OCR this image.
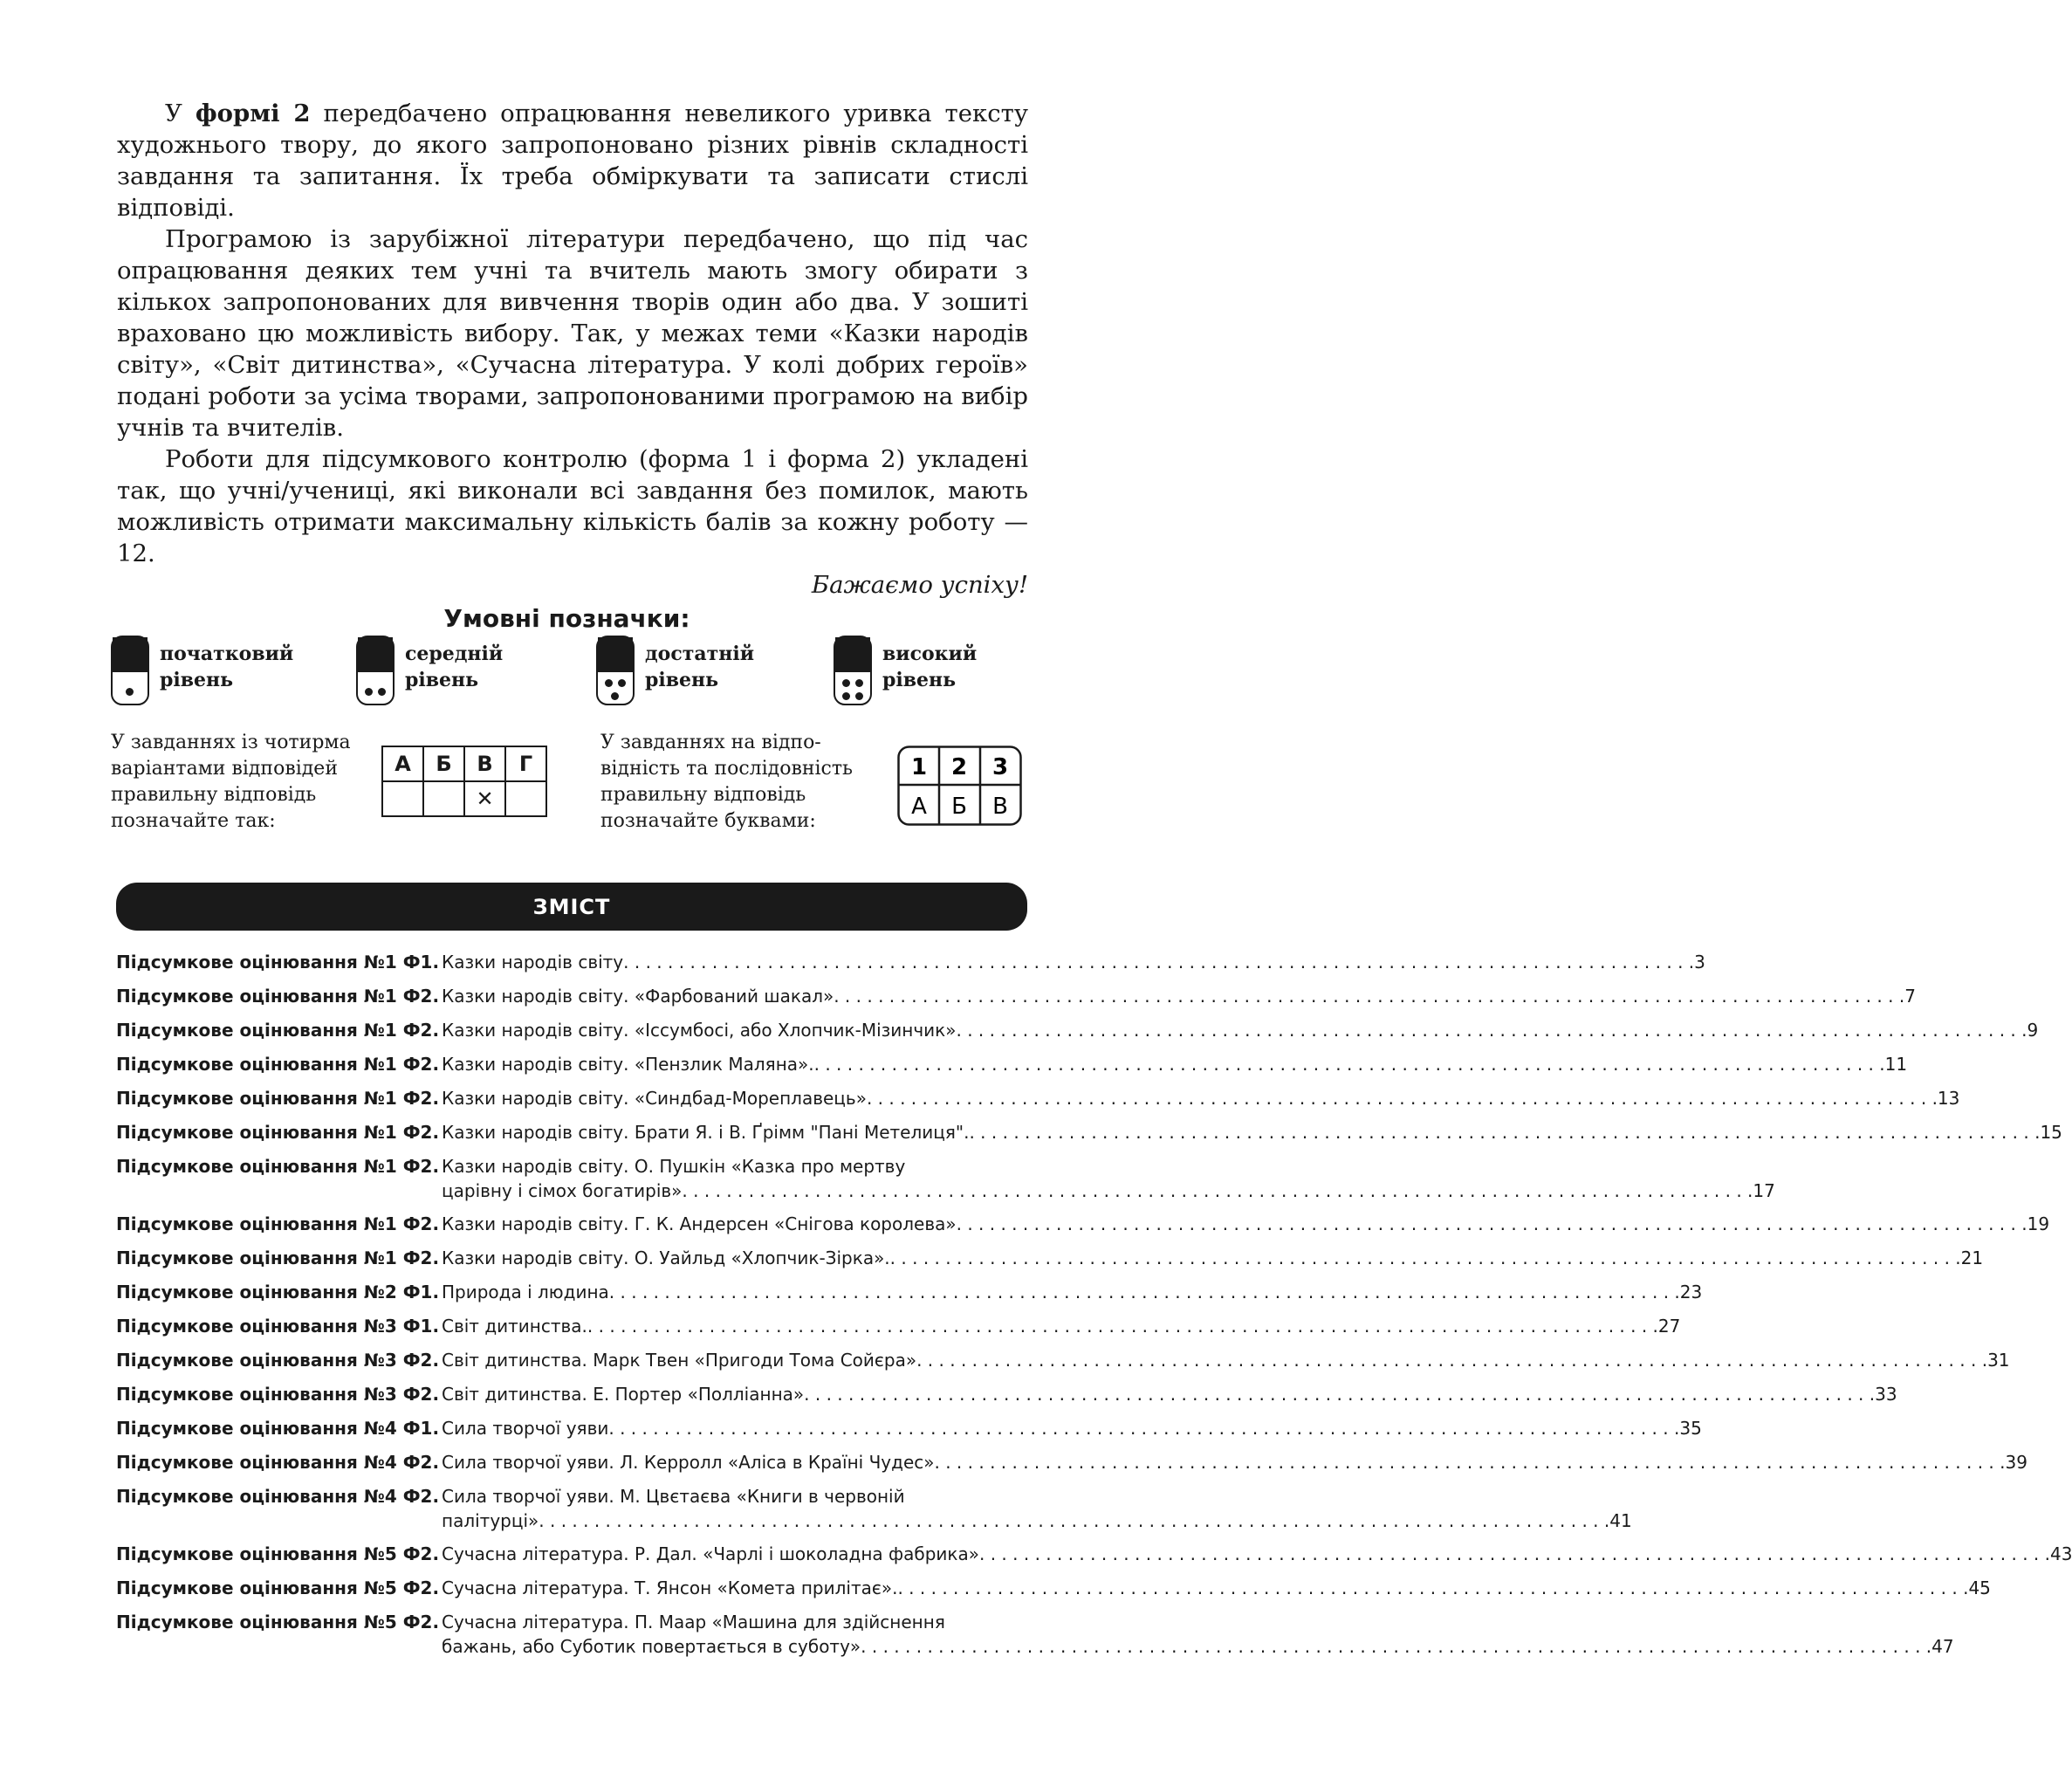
У формі 2 передбачено опрацювання невеликого уривка тексту художнього твору, до якого запропоновано різних рівнів складності завдання та запитання. Їх треба обміркувати та записати стислі відповіді.

Програмою із зарубіжної літератури передбачено, що під час опрацювання деяких тем учні та вчитель мають змогу обирати з кількох запропонованих для вивчення творів один або два. У зошиті враховано цю можливість вибору. Так, у межах теми «Казки народів світу», «Світ дитинства», «Сучасна література. У колі добрих героїв» подані роботи за усіма творами, запропонованими програмою на вибір учнів та вчителів.

Роботи для підсумкового контролю (форма 1 і форма 2) укладені так, що учні/учениці, які виконали всі завдання без помилок, мають можливість отримати максимальну кількість балів за кожну роботу — 12.

Бажаємо успіху!

Умовні позначки:
початковий
рівень
середній
рівень
достатній
рівень
високий
рівень
У завданнях із чотирма
варіантами відповідей
правильну відповідь
позначайте так:
А	Б	В	Г
		✕	
У завданнях на відпо-
відність та послідовність
правильну відповідь
позначайте буквами:
1 2 3
А Б В
ЗМІСТ
Підсумкове оцінювання №1 Ф1. Казки народів світу . . .	3
Підсумкове оцінювання №1 Ф2. Казки народів світу. «Фарбований шакал» . . .	7
Підсумкове оцінювання №1 Ф2. Казки народів світу. «Іссумбосі, або Хлопчик-Мізинчик» . . .	9
Підсумкове оцінювання №1 Ф2. Казки народів світу. «Пензлик Маляна». . . .	11
Підсумкове оцінювання №1 Ф2. Казки народів світу. «Синдбад-Мореплавець» . . .	13
Підсумкове оцінювання №1 Ф2. Казки народів світу. Брати Я. і В. Ґрімм "Пані Метелиця". . . .	15
Підсумкове оцінювання №1 Ф2. Казки народів світу. О. Пушкін «Казка про мертву
царівну і сімох богатирів» . . .	17
Підсумкове оцінювання №1 Ф2. Казки народів світу. Г. К. Андерсен «Снігова королева» . . .	19
Підсумкове оцінювання №1 Ф2. Казки народів світу. О. Уайльд «Хлопчик-Зірка». . . .	21
Підсумкове оцінювання №2 Ф1. Природа і людина . . .	23
Підсумкове оцінювання №3 Ф1. Світ дитинства. . . .	27
Підсумкове оцінювання №3 Ф2. Світ дитинства. Марк Твен «Пригоди Тома Сойєра» . . .	31
Підсумкове оцінювання №3 Ф2. Світ дитинства. Е. Портер «Полліанна» . . .	33
Підсумкове оцінювання №4 Ф1. Сила творчої уяви . . .	35
Підсумкове оцінювання №4 Ф2. Сила творчої уяви. Л. Керролл «Аліса в Країні Чудес» . . .	39
Підсумкове оцінювання №4 Ф2. Сила творчої уяви. М. Цвєтаєва «Книги в червоній
палітурці» . . .	41
Підсумкове оцінювання №5 Ф2. Сучасна література. Р. Дал. «Чарлі і шоколадна фабрика» . . .	43
Підсумкове оцінювання №5 Ф2. Сучасна література. Т. Янсон «Комета прилітає». . . .	45
Підсумкове оцінювання №5 Ф2. Сучасна література. П. Маар «Машина для здійснення
бажань, або Суботик повертається в суботу» . . .	47
